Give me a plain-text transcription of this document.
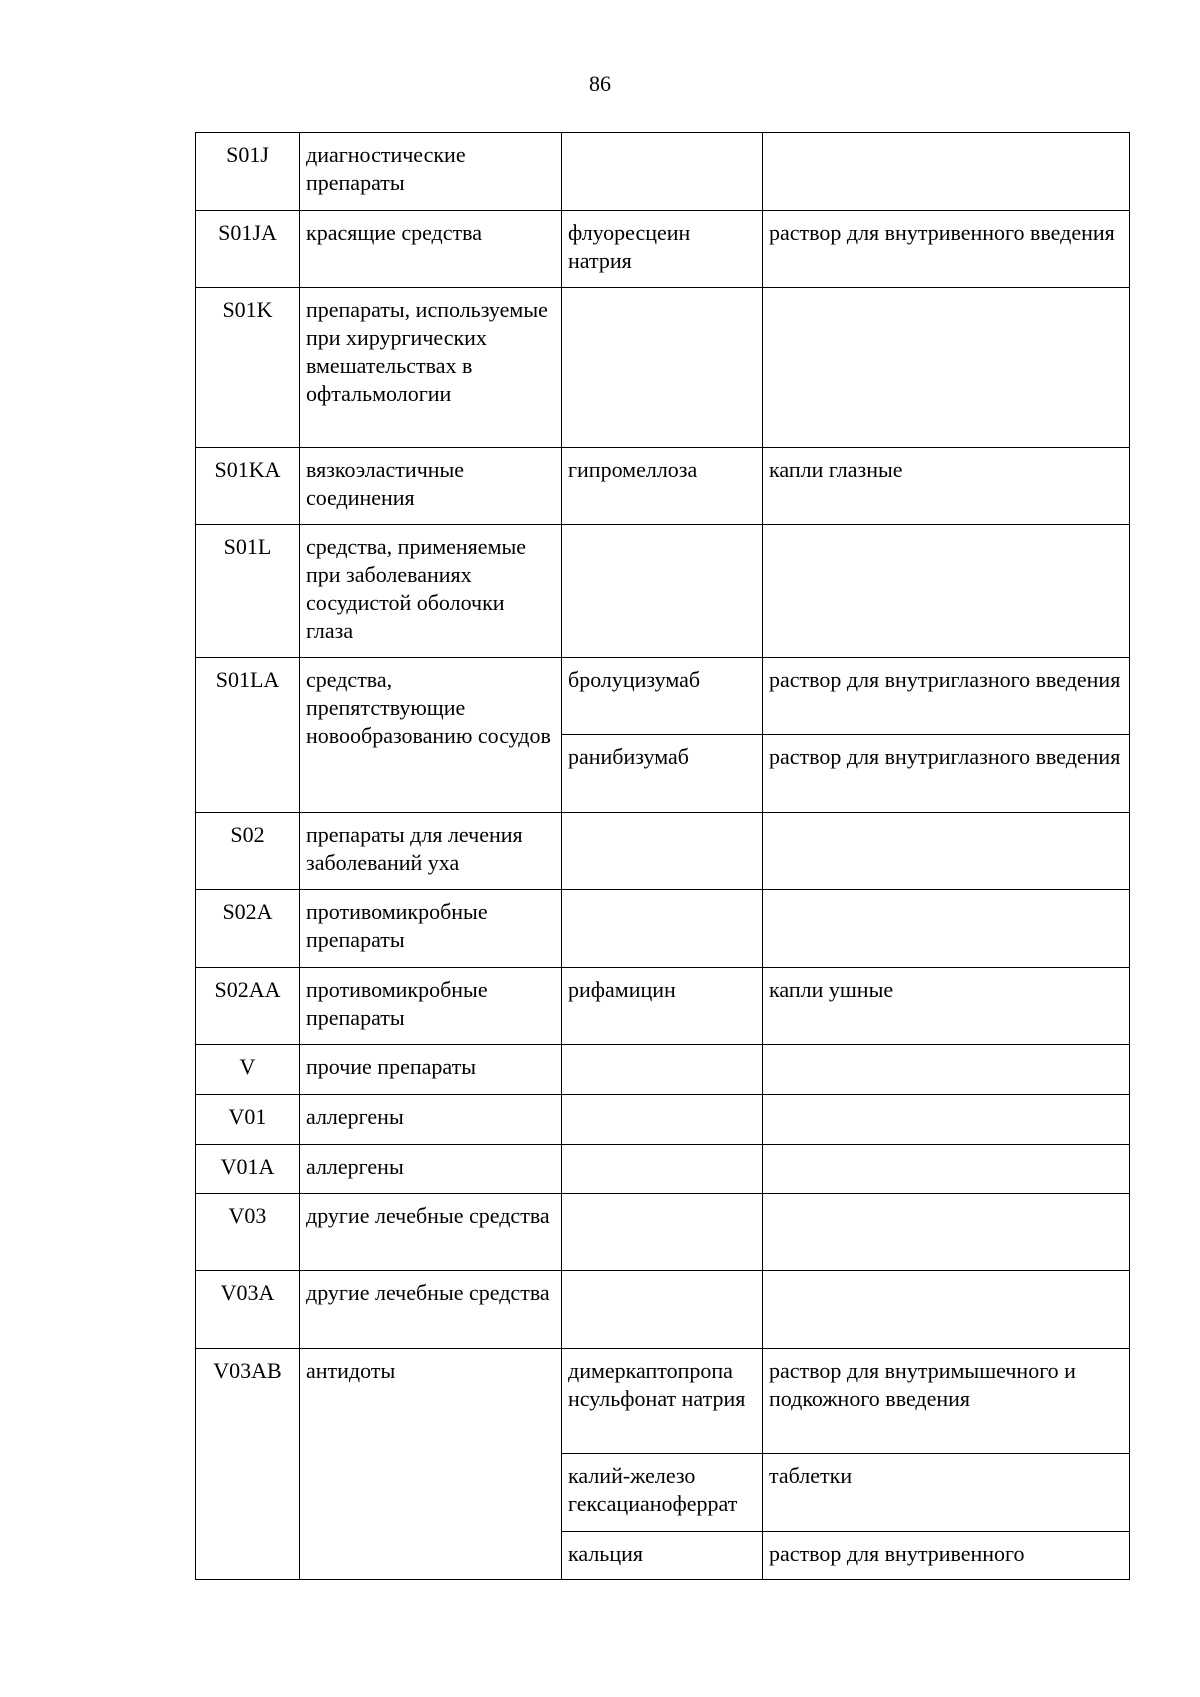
86
S01J	диагностические препараты		
S01JA	красящие средства	флуоресцеин натрия	раствор для внутривенного введения
S01K	препараты, используемые при хирургических вмешательствах в офтальмологии		
S01KA	вязкоэластичные соединения	гипромеллоза	капли глазные
S01L	средства, применяемые при заболеваниях сосудистой оболочки глаза		
S01LA	средства, препятствующие новообразованию сосудов	бролуцизумаб	раствор для внутриглазного введения
		ранибизумаб	раствор для внутриглазного введения
S02	препараты для лечения заболеваний уха		
S02A	противомикробные препараты		
S02AA	противомикробные препараты	рифамицин	капли ушные
V	прочие препараты		
V01	аллергены		
V01A	аллергены		
V03	другие лечебные средства		
V03A	другие лечебные средства		
V03AB	антидоты	димеркаптопропа нсульфонат натрия	раствор для внутримышечного и подкожного введения
		калий-железо гексацианоферрат	таблетки
		кальция	раствор для внутривенного
